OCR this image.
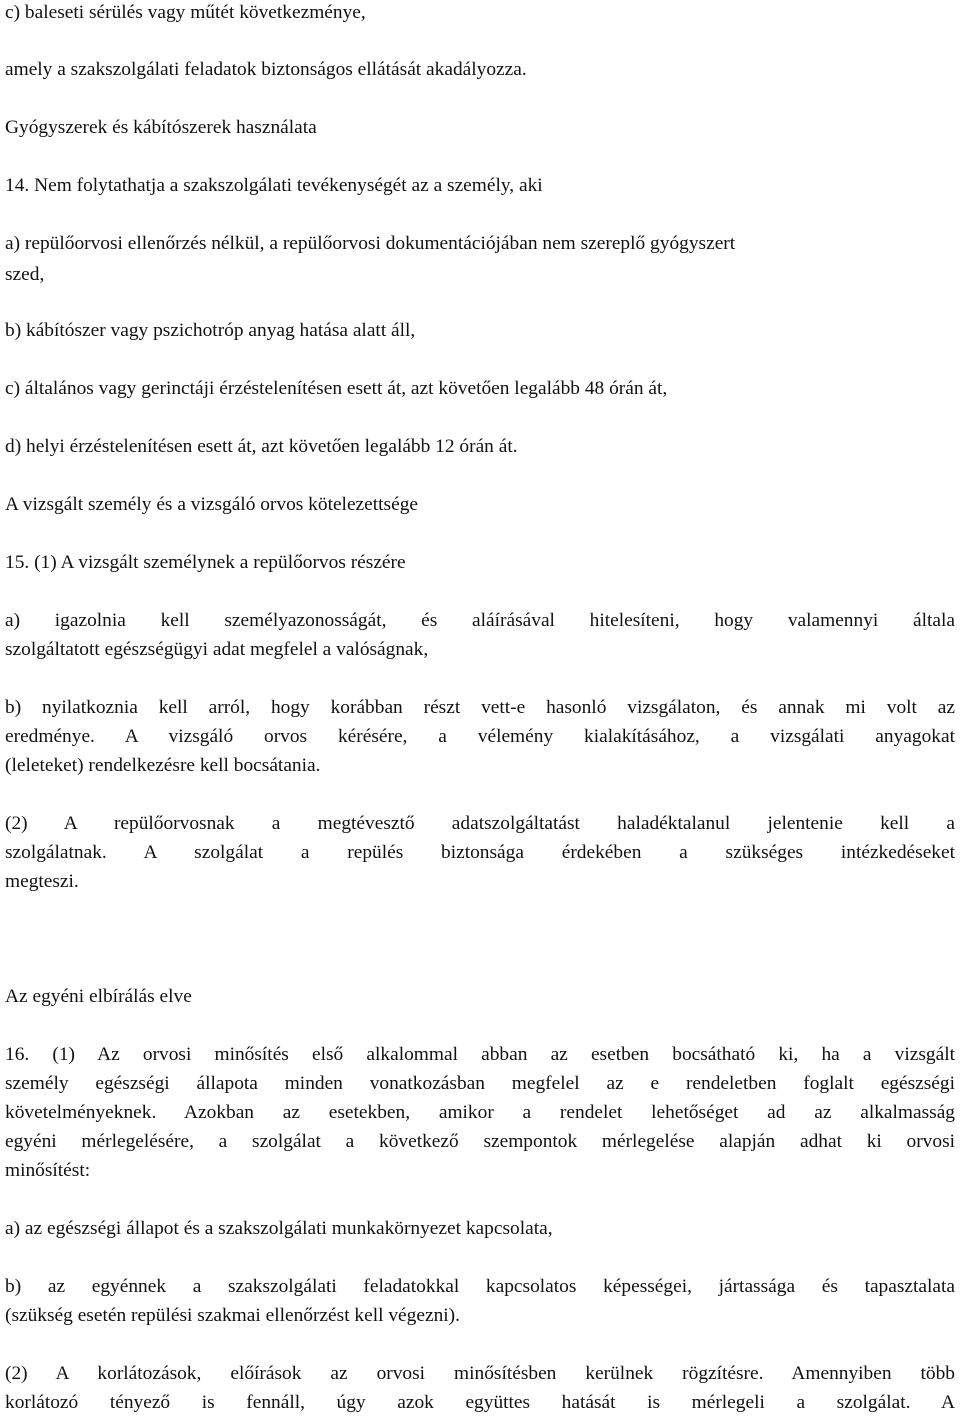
c) baleseti sérülés vagy műtét következménye,
amely a szakszolgálati feladatok biztonságos ellátását akadályozza.
Gyógyszerek és kábítószerek használata
14. Nem folytathatja a szakszolgálati tevékenységét az a személy, aki
a) repülőorvosi ellenőrzés nélkül, a repülőorvosi dokumentációjában nem szereplő gyógyszert
szed,
b) kábítószer vagy pszichotróp anyag hatása alatt áll,
c) általános vagy gerinctáji érzéstelenítésen esett át, azt követően legalább 48 órán át,
d) helyi érzéstelenítésen esett át, azt követően legalább 12 órán át.
A vizsgált személy és a vizsgáló orvos kötelezettsége
15. (1) A vizsgált személynek a repülőorvos részére
a) igazolnia kell személyazonosságát, és aláírásával hitelesíteni, hogy valamennyi általa
szolgáltatott egészségügyi adat megfelel a valóságnak,
b) nyilatkoznia kell arról, hogy korábban részt vett-e hasonló vizsgálaton, és annak mi volt az
eredménye. A vizsgáló orvos kérésére, a vélemény kialakításához, a vizsgálati anyagokat
(leleteket) rendelkezésre kell bocsátania.
(2) A repülőorvosnak a megtévesztő adatszolgáltatást haladéktalanul jelentenie kell a
szolgálatnak. A szolgálat a repülés biztonsága érdekében a szükséges intézkedéseket
megteszi.
Az egyéni elbírálás elve
16. (1) Az orvosi minősítés első alkalommal abban az esetben bocsátható ki, ha a vizsgált
személy egészségi állapota minden vonatkozásban megfelel az e rendeletben foglalt egészségi
követelményeknek. Azokban az esetekben, amikor a rendelet lehetőséget ad az alkalmasság
egyéni mérlegelésére, a szolgálat a következő szempontok mérlegelése alapján adhat ki orvosi
minősítést:
a) az egészségi állapot és a szakszolgálati munkakörnyezet kapcsolata,
b) az egyénnek a szakszolgálati feladatokkal kapcsolatos képességei, jártassága és tapasztalata
(szükség esetén repülési szakmai ellenőrzést kell végezni).
(2) A korlátozások, előírások az orvosi minősítésben kerülnek rögzítésre. Amennyiben több
korlátozó tényező is fennáll, úgy azok együttes hatását is mérlegeli a szolgálat. A
